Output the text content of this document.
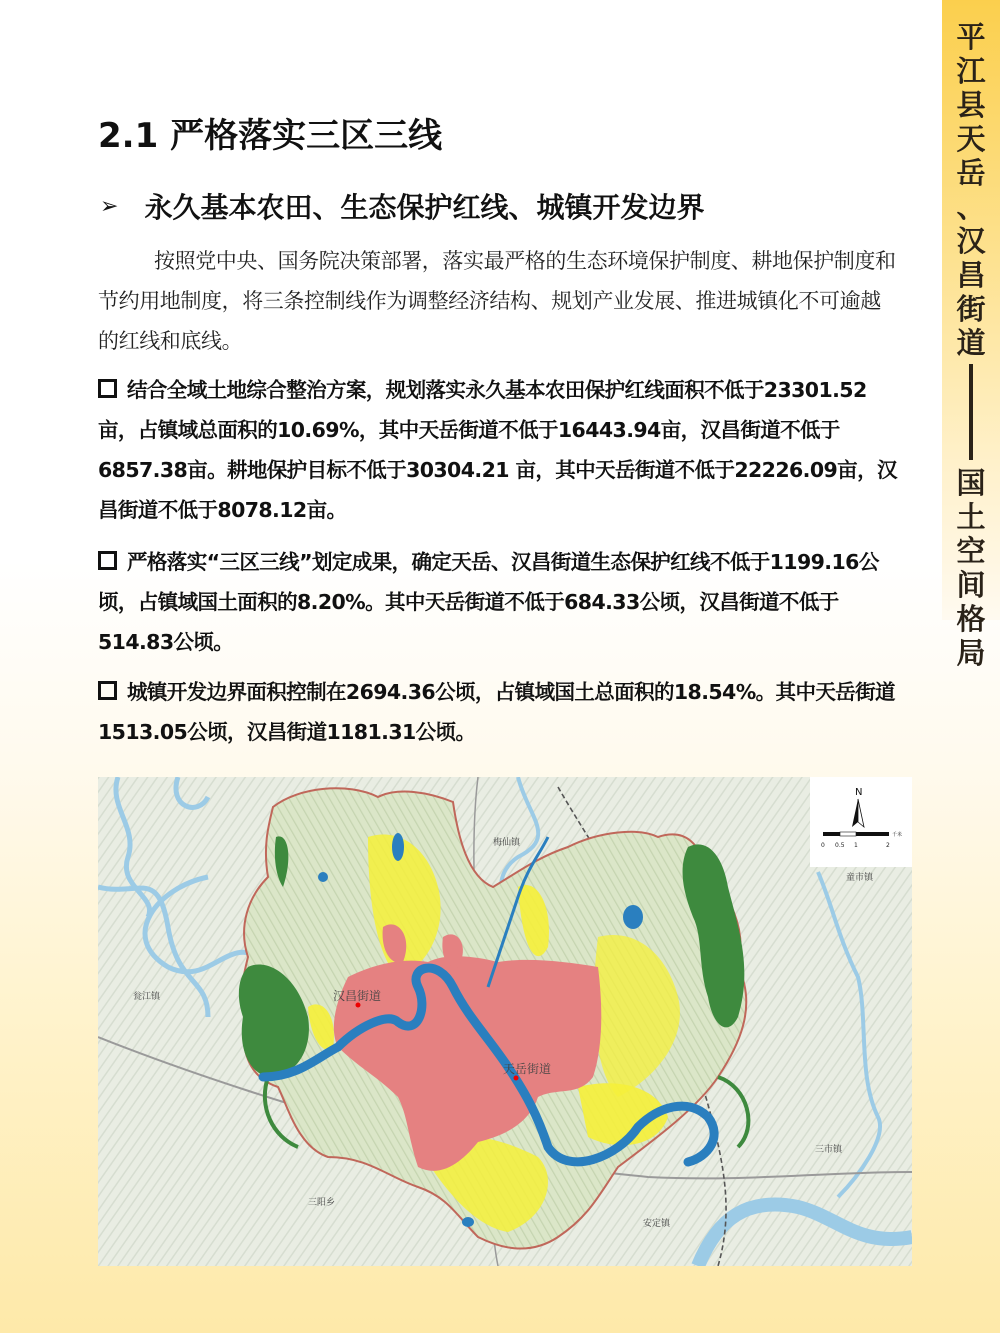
平
江
县
天
岳
、
汉
昌
街
道
国
土
空
间
格
局
2.1 严格落实三区三线
➢ 永久基本农田、生态保护红线、城镇开发边界
按照党中央、国务院决策部署，落实最严格的生态环境保护制度、耕地保护制度和节约用地制度，将三条控制线作为调整经济结构、规划产业发展、推进城镇化不可逾越的红线和底线。
结合全域土地综合整治方案，规划落实永久基本农田保护红线面积不低于23301.52亩，占镇域总面积的10.69%，其中天岳街道不低于16443.94亩，汉昌街道不低于6857.38亩。耕地保护目标不低于30304.21 亩，其中天岳街道不低于22226.09亩，汉昌街道不低于8078.12亩。
严格落实“三区三线”划定成果，确定天岳、汉昌街道生态保护红线不低于1199.16公顷，占镇域国土面积的8.20%。其中天岳街道不低于684.33公顷，汉昌街道不低于514.83公顷。
城镇开发边界面积控制在2694.36公顷，占镇域国土总面积的18.54%。其中天岳街道1513.05公顷，汉昌街道1181.31公顷。
梅仙镇
童市镇
瓮江镇
三阳乡
安定镇
三市镇
汉昌街道
天岳街道
N
0 0.5 1	2
千米
